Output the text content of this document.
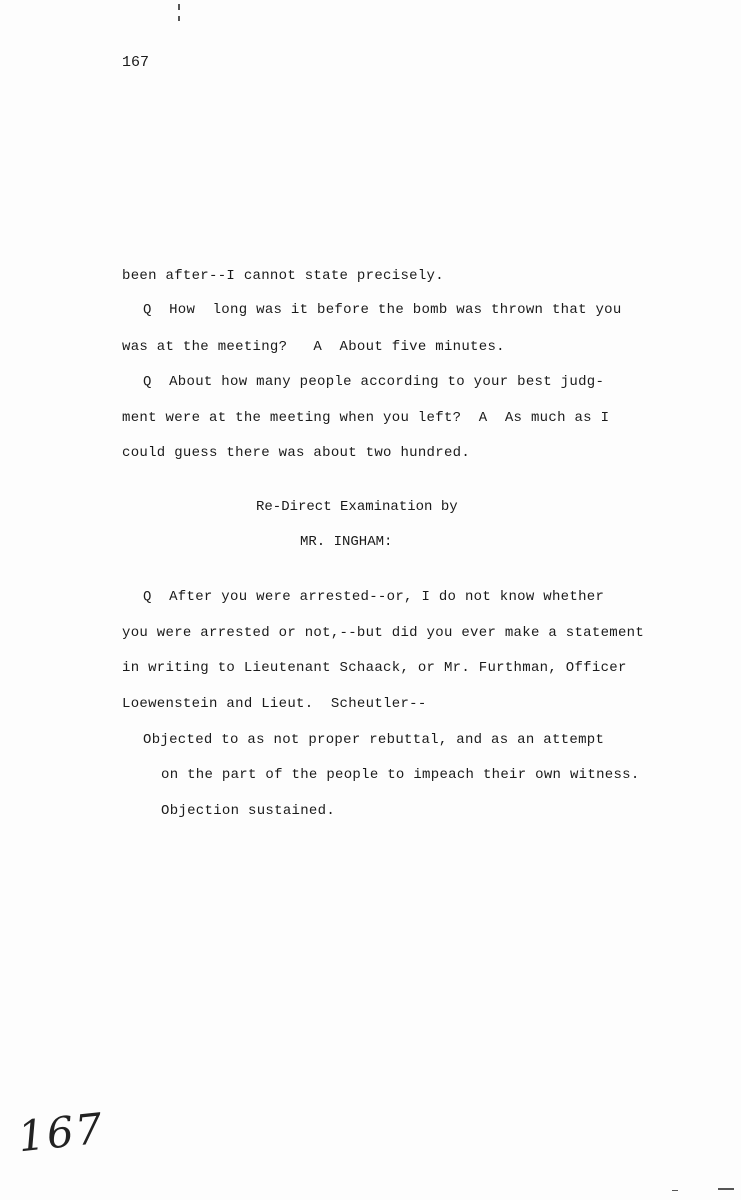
167
been after--I cannot state precisely.
Q  How  long was it before the bomb was thrown that you
was at the meeting?   A  About five minutes.
Q  About how many people according to your best judg-
ment were at the meeting when you left?  A  As much as I
could guess there was about two hundred.
Re-Direct Examination by
MR. INGHAM:
Q  After you were arrested--or, I do not know whether
you were arrested or not,--but did you ever make a statement
in writing to Lieutenant Schaack, or Mr. Furthman, Officer
Loewenstein and Lieut.  Scheutler--
Objected to as not proper rebuttal, and as an attempt
on the part of the people to impeach their own witness.
Objection sustained.
167
